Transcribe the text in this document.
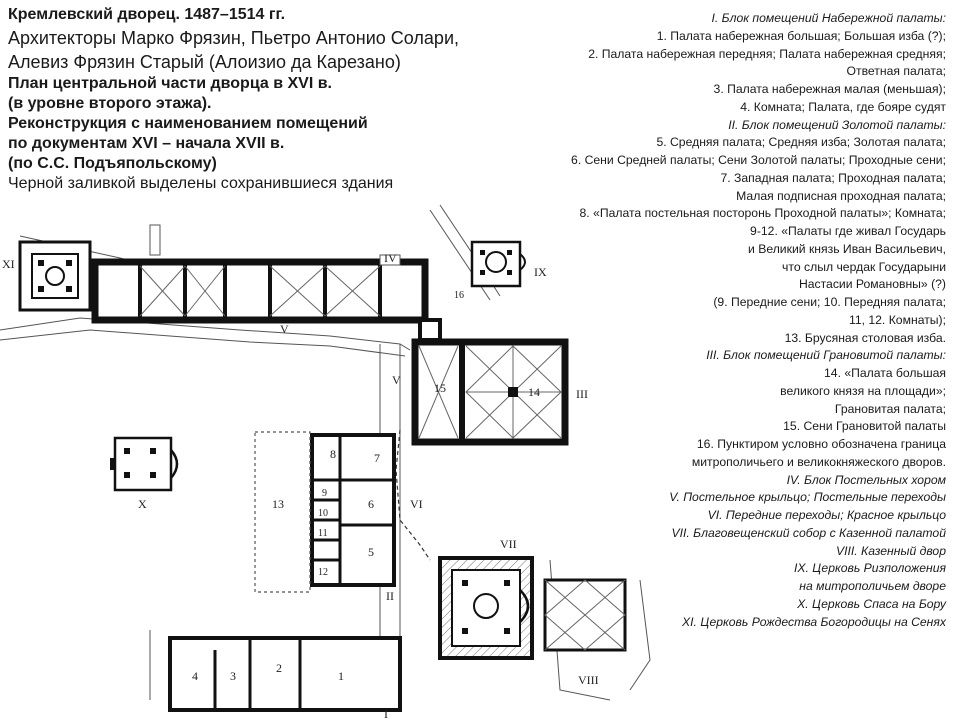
1
2
3
4
5
6
7
8
9
10
11
12
13
14
15
16
I
II
III
IV
V
V
VI
VII
VIII
IX
X
XI
Кремлевский дворец. 1487–1514 гг.
Архитекторы Марко Фрязин, Пьетро Антонио Солари,
Алевиз Фрязин Старый (Алоизио да Карезано)
План центральной части дворца в XVI в.
(в уровне второго этажа).
Реконструкция с наименованием помещений
по документам XVI – начала XVII в.
(по С.С. Подъяпольскому)
Черной заливкой выделены сохранившиеся здания
I. Блок помещений Набережной палаты:
1. Палата набережная большая; Большая изба (?);
2. Палата набережная передняя; Палата набережная средняя;
Ответная палата;
3. Палата набережная малая (меньшая);
4. Комната; Палата, где бояре судят
II. Блок помещений Золотой палаты:
5. Средняя палата; Средняя изба; Золотая палата;
6. Сени Средней палаты; Сени Золотой палаты; Проходные сени;
7. Западная палата; Проходная палата;
Малая подписная проходная палата;
8. «Палата постельная посторонь Проходной палаты»; Комната;
9-12. «Палаты где живал Государь
и Великий князь Иван Васильевич,
что слыл чердак Государыни
Настасии Романовны» (?)
(9. Передние сени; 10. Передняя палата;
11, 12. Комнаты);
13. Брусяная столовая изба.
III. Блок помещений Грановитой палаты:
14. «Палата большая
великого князя на площади»;
Грановитая палата;
15. Сени Грановитой палаты
16. Пунктиром условно обозначена граница
митрополичьего и великокняжеского дворов.
IV. Блок Постельных хором
V. Постельное крыльцо; Постельные переходы
VI. Передние переходы; Красное крыльцо
VII. Благовещенский собор с Казенной палатой
VIII. Казенный двор
IX. Церковь Ризположения
на митрополичьем дворе
X. Церковь Спаса на Бору
XI. Церковь Рождества Богородицы на Сенях
